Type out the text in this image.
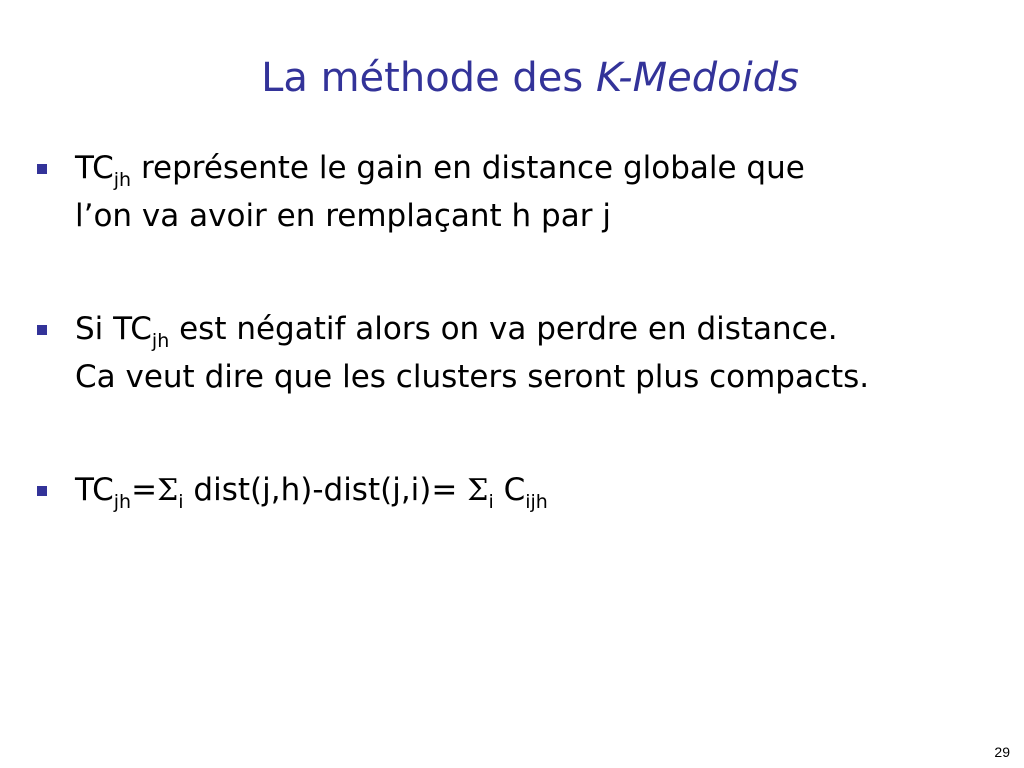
La méthode des K-Medoids
$TC_{jh}$ représente le gain en distance globale que
l’on va avoir en remplaçant h par j
Si $TC_{jh}$ est négatif alors on va perdre en distance.
Ca veut dire que les clusters seront plus compacts.
$TC_{jh}=\Sigma_i$ dist(j,h)-dist(j,i)= $\Sigma_i$ $C_{ijh}$
29
